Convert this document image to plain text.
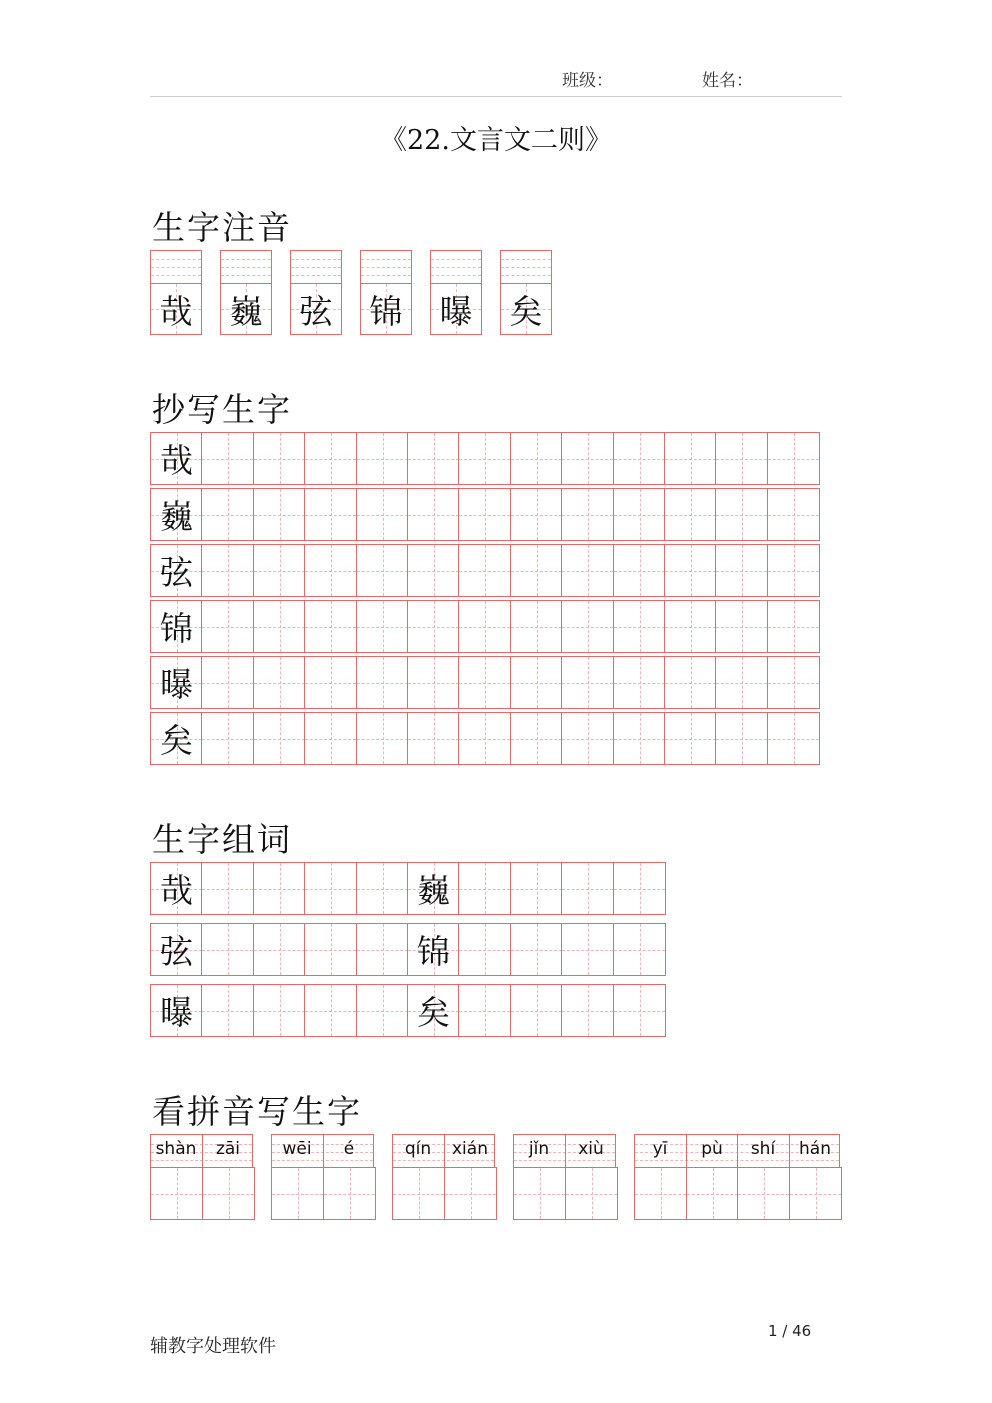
班级：	姓名：
《22.文言文二则》
生字注音
哉 巍 弦 锦 曝 矣
抄写生字
哉
巍
弦
锦
曝
矣
生字组词
哉	巍
弦	锦
曝	矣
看拼音写生字
shàn	zāi	wēi	é	qín	xián	jǐn	xiù	yī	pù	shí	hán
辅教字处理软件
1 / 46
